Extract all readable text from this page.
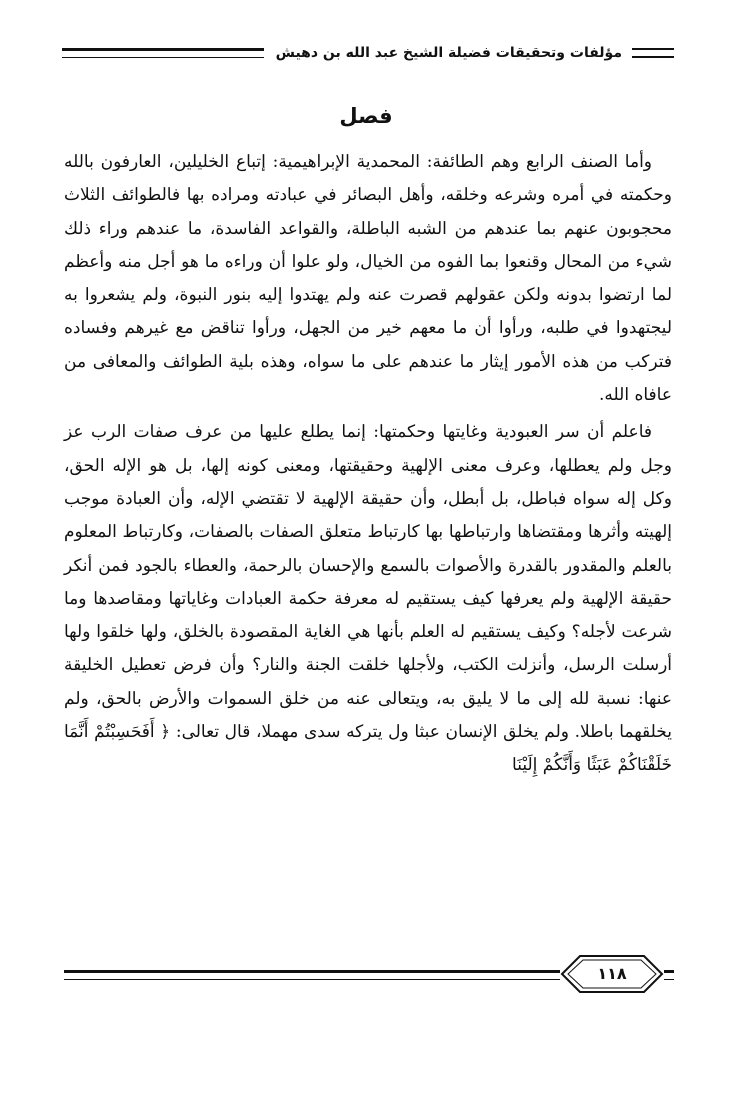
مؤلفات وتحقيقات فضيلة الشيخ عبد الله بن دهيش
فصل

وأما الصنف الرابع وهم الطائفة: المحمدية الإبراهيمية: إتباع الخليلين، العارفون بالله وحكمته في أمره وشرعه وخلقه، وأهل البصائر في عبادته ومراده بها فالطوائف الثلاث محجوبون عنهم بما عندهم من الشبه الباطلة، والقواعد الفاسدة، ما عندهم وراء ذلك شيء من المحال وقنعوا بما الفوه من الخيال، ولو علوا أن وراءه ما هو أجل منه وأعظم لما ارتضوا بدونه ولكن عقولهم قصرت عنه ولم يهتدوا إليه بنور النبوة، ولم يشعروا به ليجتهدوا في طلبه، ورأوا أن ما معهم خير من الجهل، ورأوا تناقض مع غيرهم وفساده فتركب من هذه الأمور إيثار ما عندهم على ما سواه، وهذه بلية الطوائف والمعافى من عافاه الله.

فاعلم أن سر العبودية وغايتها وحكمتها: إنما يطلع عليها من عرف صفات الرب عز وجل ولم يعطلها، وعرف معنى الإلهية وحقيقتها، ومعنى كونه إلها، بل هو الإله الحق، وكل إله سواه فباطل، بل أبطل، وأن حقيقة الإلهية لا تقتضي الإله، وأن العبادة موجب إلهيته وأثرها ومقتضاها وارتباطها بها كارتباط متعلق الصفات بالصفات، وكارتباط المعلوم بالعلم والمقدور بالقدرة والأصوات بالسمع والإحسان بالرحمة، والعطاء بالجود فمن أنكر حقيقة الإلهية ولم يعرفها كيف يستقيم له معرفة حكمة العبادات وغاياتها ومقاصدها وما شرعت لأجله؟ وكيف يستقيم له العلم بأنها هي الغاية المقصودة بالخلق، ولها خلقوا ولها أرسلت الرسل، وأنزلت الكتب، ولأجلها خلقت الجنة والنار؟ وأن فرض تعطيل الخليقة عنها: نسبة لله إلى ما لا يليق به، ويتعالى عنه من خلق السموات والأرض بالحق، ولم يخلقهما باطلا. ولم يخلق الإنسان عبثا ول يتركه سدى مهملا، قال تعالى: ﴿ أَفَحَسِبْتُمْ أَنَّمَا خَلَقْنَاكُمْ عَبَثًا وَأَنَّكُمْ إِلَيْنَا

١١٨
